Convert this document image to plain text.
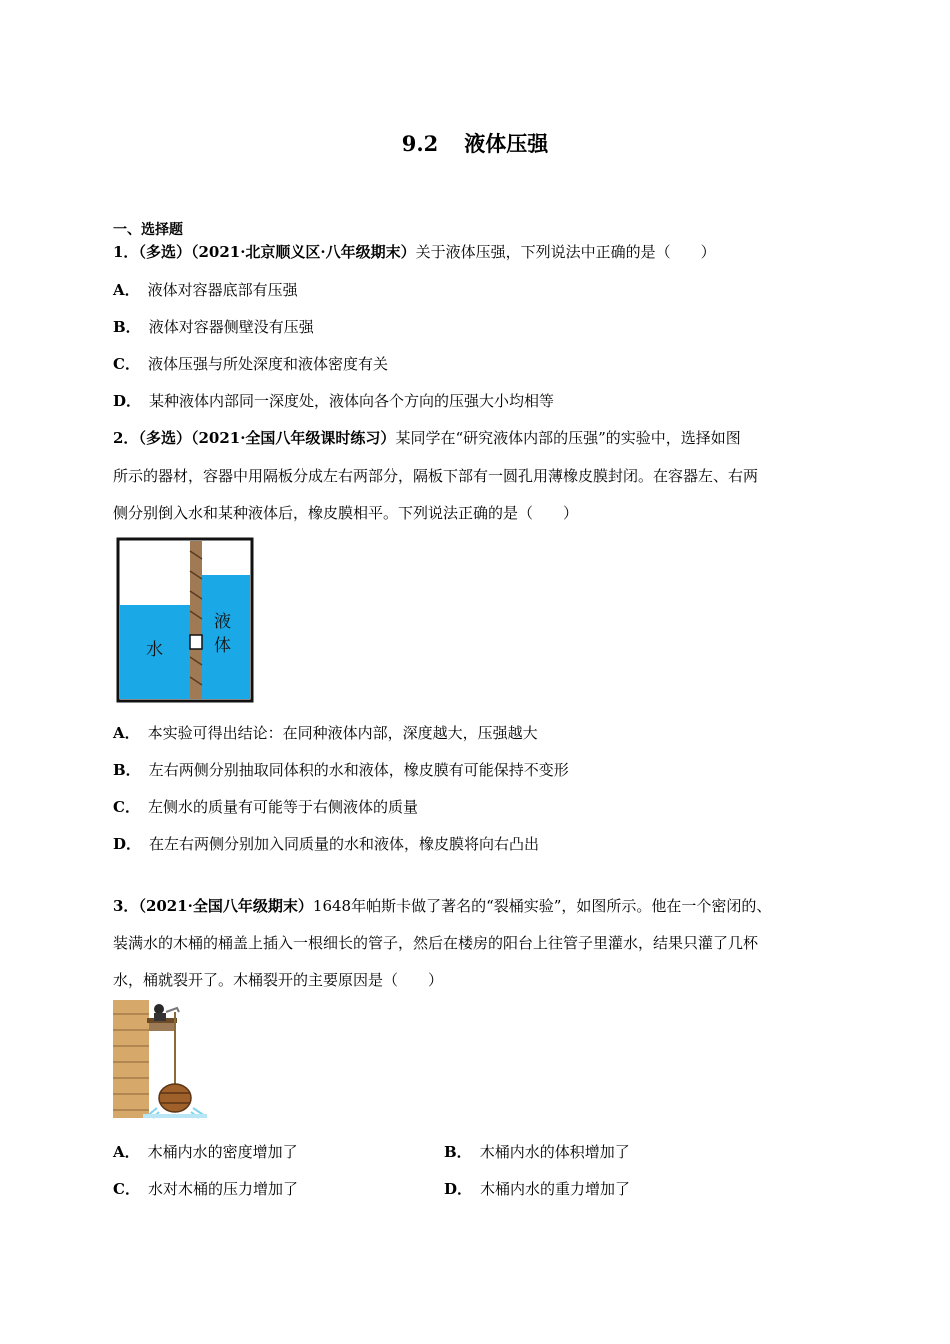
9.2 液体压强
一、选择题
1．（多选）（2021·北京顺义区·八年级期末）关于液体压强，下列说法中正确的是（　　）
A． 液体对容器底部有压强
B． 液体对容器侧壁没有压强
C． 液体压强与所处深度和液体密度有关
D． 某种液体内部同一深度处，液体向各个方向的压强大小均相等
2．（多选）（2021·全国八年级课时练习）某同学在“研究液体内部的压强”的实验中，选择如图
所示的器材，容器中用隔板分成左右两部分，隔板下部有一圆孔用薄橡皮膜封闭。在容器左、右两
侧分别倒入水和某种液体后，橡皮膜相平。下列说法正确的是（　　）
水
液
体
A． 本实验可得出结论：在同种液体内部，深度越大，压强越大
B． 左右两侧分别抽取同体积的水和液体，橡皮膜有可能保持不变形
C． 左侧水的质量有可能等于右侧液体的质量
D． 在左右两侧分别加入同质量的水和液体，橡皮膜将向右凸出
3．（2021·全国八年级期末）1648年帕斯卡做了著名的“裂桶实验”，如图所示。他在一个密闭的、
装满水的木桶的桶盖上插入一根细长的管子，然后在楼房的阳台上往管子里灌水，结果只灌了几杯
水，桶就裂开了。木桶裂开的主要原因是（　　）
A． 木桶内水的密度增加了	B． 木桶内水的体积增加了
C． 水对木桶的压力增加了	D． 木桶内水的重力增加了
